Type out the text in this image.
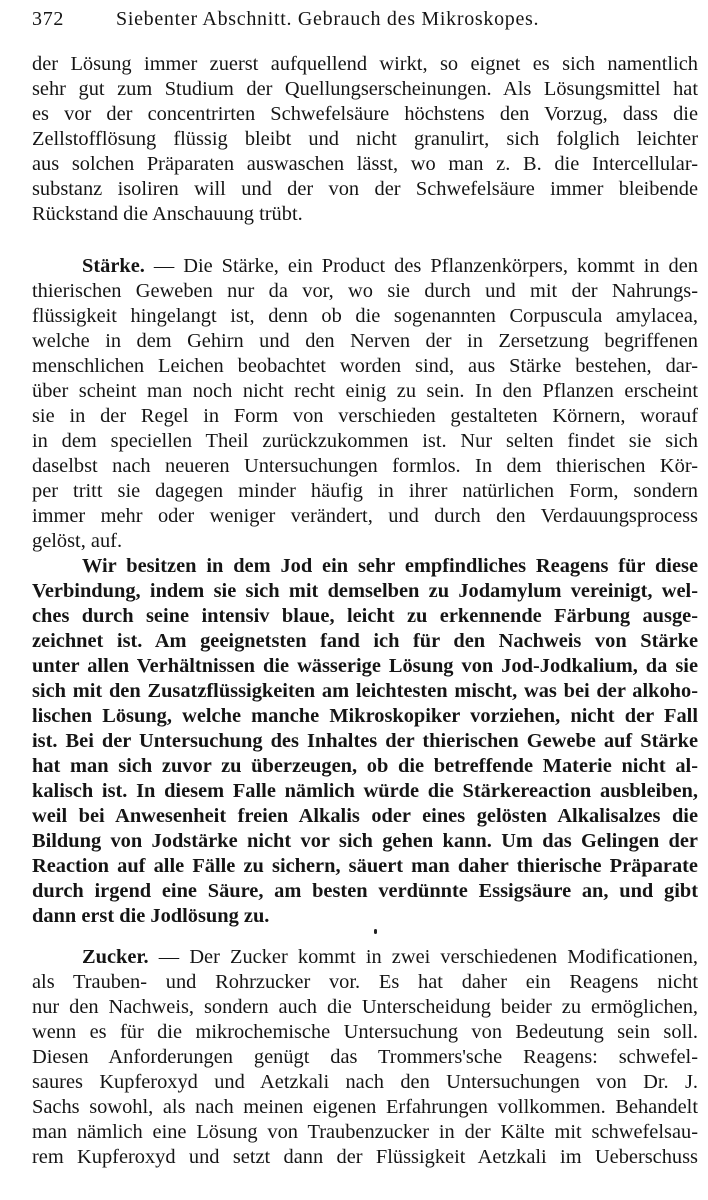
372	Siebenter Abschnitt. Gebrauch des Mikroskopes.
der Lösung immer zuerst aufquellend wirkt, so eignet es sich namentlich
sehr gut zum Studium der Quellungserscheinungen. Als Lösungsmittel hat
es vor der concentrirten Schwefelsäure höchstens den Vorzug, dass die
Zellstofflösung flüssig bleibt und nicht granulirt, sich folglich leichter
aus solchen Präparaten auswaschen lässt, wo man z. B. die Intercellular-
substanz isoliren will und der von der Schwefelsäure immer bleibende
Rückstand die Anschauung trübt.
Stärke. — Die Stärke, ein Product des Pflanzenkörpers, kommt in den
thierischen Geweben nur da vor, wo sie durch und mit der Nahrungs-
flüssigkeit hingelangt ist, denn ob die sogenannten Corpuscula amylacea,
welche in dem Gehirn und den Nerven der in Zersetzung begriffenen
menschlichen Leichen beobachtet worden sind, aus Stärke bestehen, dar-
über scheint man noch nicht recht einig zu sein. In den Pflanzen erscheint
sie in der Regel in Form von verschieden gestalteten Körnern, worauf
in dem speciellen Theil zurückzukommen ist. Nur selten findet sie sich
daselbst nach neueren Untersuchungen formlos. In dem thierischen Kör-
per tritt sie dagegen minder häufig in ihrer natürlichen Form, sondern
immer mehr oder weniger verändert, und durch den Verdauungsprocess
gelöst, auf.
Wir besitzen in dem Jod ein sehr empfindliches Reagens für diese
Verbindung, indem sie sich mit demselben zu Jodamylum vereinigt, wel-
ches durch seine intensiv blaue, leicht zu erkennende Färbung ausge-
zeichnet ist. Am geeignetsten fand ich für den Nachweis von Stärke
unter allen Verhältnissen die wässerige Lösung von Jod-Jodkalium, da sie
sich mit den Zusatzflüssigkeiten am leichtesten mischt, was bei der alkoho-
lischen Lösung, welche manche Mikroskopiker vorziehen, nicht der Fall
ist. Bei der Untersuchung des Inhaltes der thierischen Gewebe auf Stärke
hat man sich zuvor zu überzeugen, ob die betreffende Materie nicht al-
kalisch ist. In diesem Falle nämlich würde die Stärkereaction ausbleiben,
weil bei Anwesenheit freien Alkalis oder eines gelösten Alkalisalzes die
Bildung von Jodstärke nicht vor sich gehen kann. Um das Gelingen der
Reaction auf alle Fälle zu sichern, säuert man daher thierische Präparate
durch irgend eine Säure, am besten verdünnte Essigsäure an, und gibt
dann erst die Jodlösung zu.
Zucker. — Der Zucker kommt in zwei verschiedenen Modificationen,
als Trauben- und Rohrzucker vor. Es hat daher ein Reagens nicht
nur den Nachweis, sondern auch die Unterscheidung beider zu ermöglichen,
wenn es für die mikrochemische Untersuchung von Bedeutung sein soll.
Diesen Anforderungen genügt das Trommers'sche Reagens: schwefel-
saures Kupferoxyd und Aetzkali nach den Untersuchungen von Dr. J.
Sachs sowohl, als nach meinen eigenen Erfahrungen vollkommen. Behandelt
man nämlich eine Lösung von Traubenzucker in der Kälte mit schwefelsau-
rem Kupferoxyd und setzt dann der Flüssigkeit Aetzkali im Ueberschuss
